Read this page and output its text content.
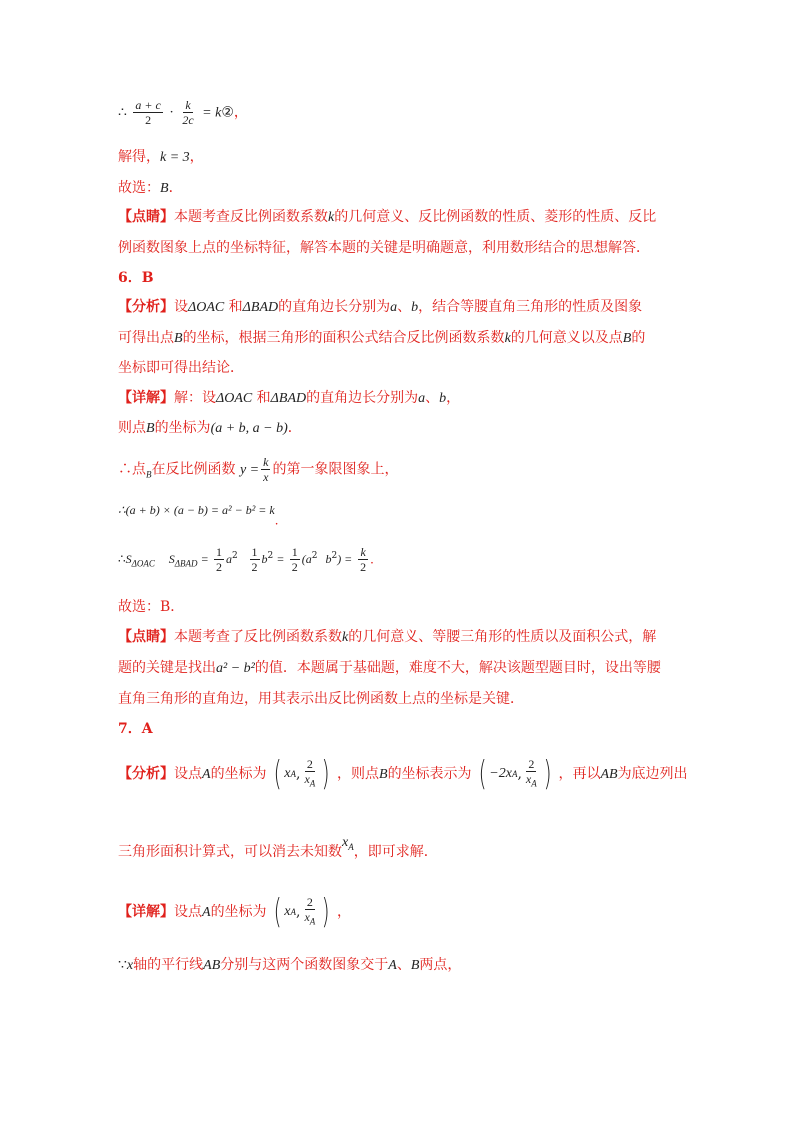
∴ $\frac{a + c}{2} \cdot \frac{k}{2c}$ = k②，
解得，k = 3，
故选：B．
【点睛】本题考查反比例函数系数k的几何意义、反比例函数的性质、菱形的性质、反比
例函数图象上点的坐标特征，解答本题的关键是明确题意，利用数形结合的思想解答．
6．B
【分析】设ΔOAC 和ΔBAD的直角边长分别为a、b，结合等腰直角三角形的性质及图象
可得出点B的坐标，根据三角形的面积公式结合反比例函数系数k的几何意义以及点B的
坐标即可得出结论．
【详解】解：设ΔOAC 和ΔBAD的直角边长分别为a、b，
则点B的坐标为(a + b, a − b)．
∴点$_B$在反比例函数 $y = \frac{k}{x}$ 的第一象限图象上，
∴(a + b) × (a − b) = a² − b² = k．
$\therefore S_{\Delta OAC}$ $S_{\Delta BAD} = \frac{1}{2} a^2 \frac{1}{2} b^2 = \frac{1}{2} (a^2$ $b^2) = \frac{k}{2}$ ．
故选：B．
【点睛】本题考查了反比例函数系数k的几何意义、等腰三角形的性质以及面积公式，解
题的关键是找出a² − b²的值．本题属于基础题，难度不大，解决该题型题目时，设出等腰
直角三角形的直角边，用其表示出反比例函数上点的坐标是关键．
7．A
【分析】设点A的坐标为 ( x A , $\frac{2}{x_A}$ ) ，则点B的坐标表示为 ( −2x A , $\frac{2}{x_A}$ ) ，再以AB为底边列出
三角形面积计算式，可以消去未知数$x_A$，即可求解．
【详解】设点A的坐标为 ( x A , $\frac{2}{x_A}$ ) ，
∵x轴的平行线AB分别与这两个函数图象交于A、B两点，
